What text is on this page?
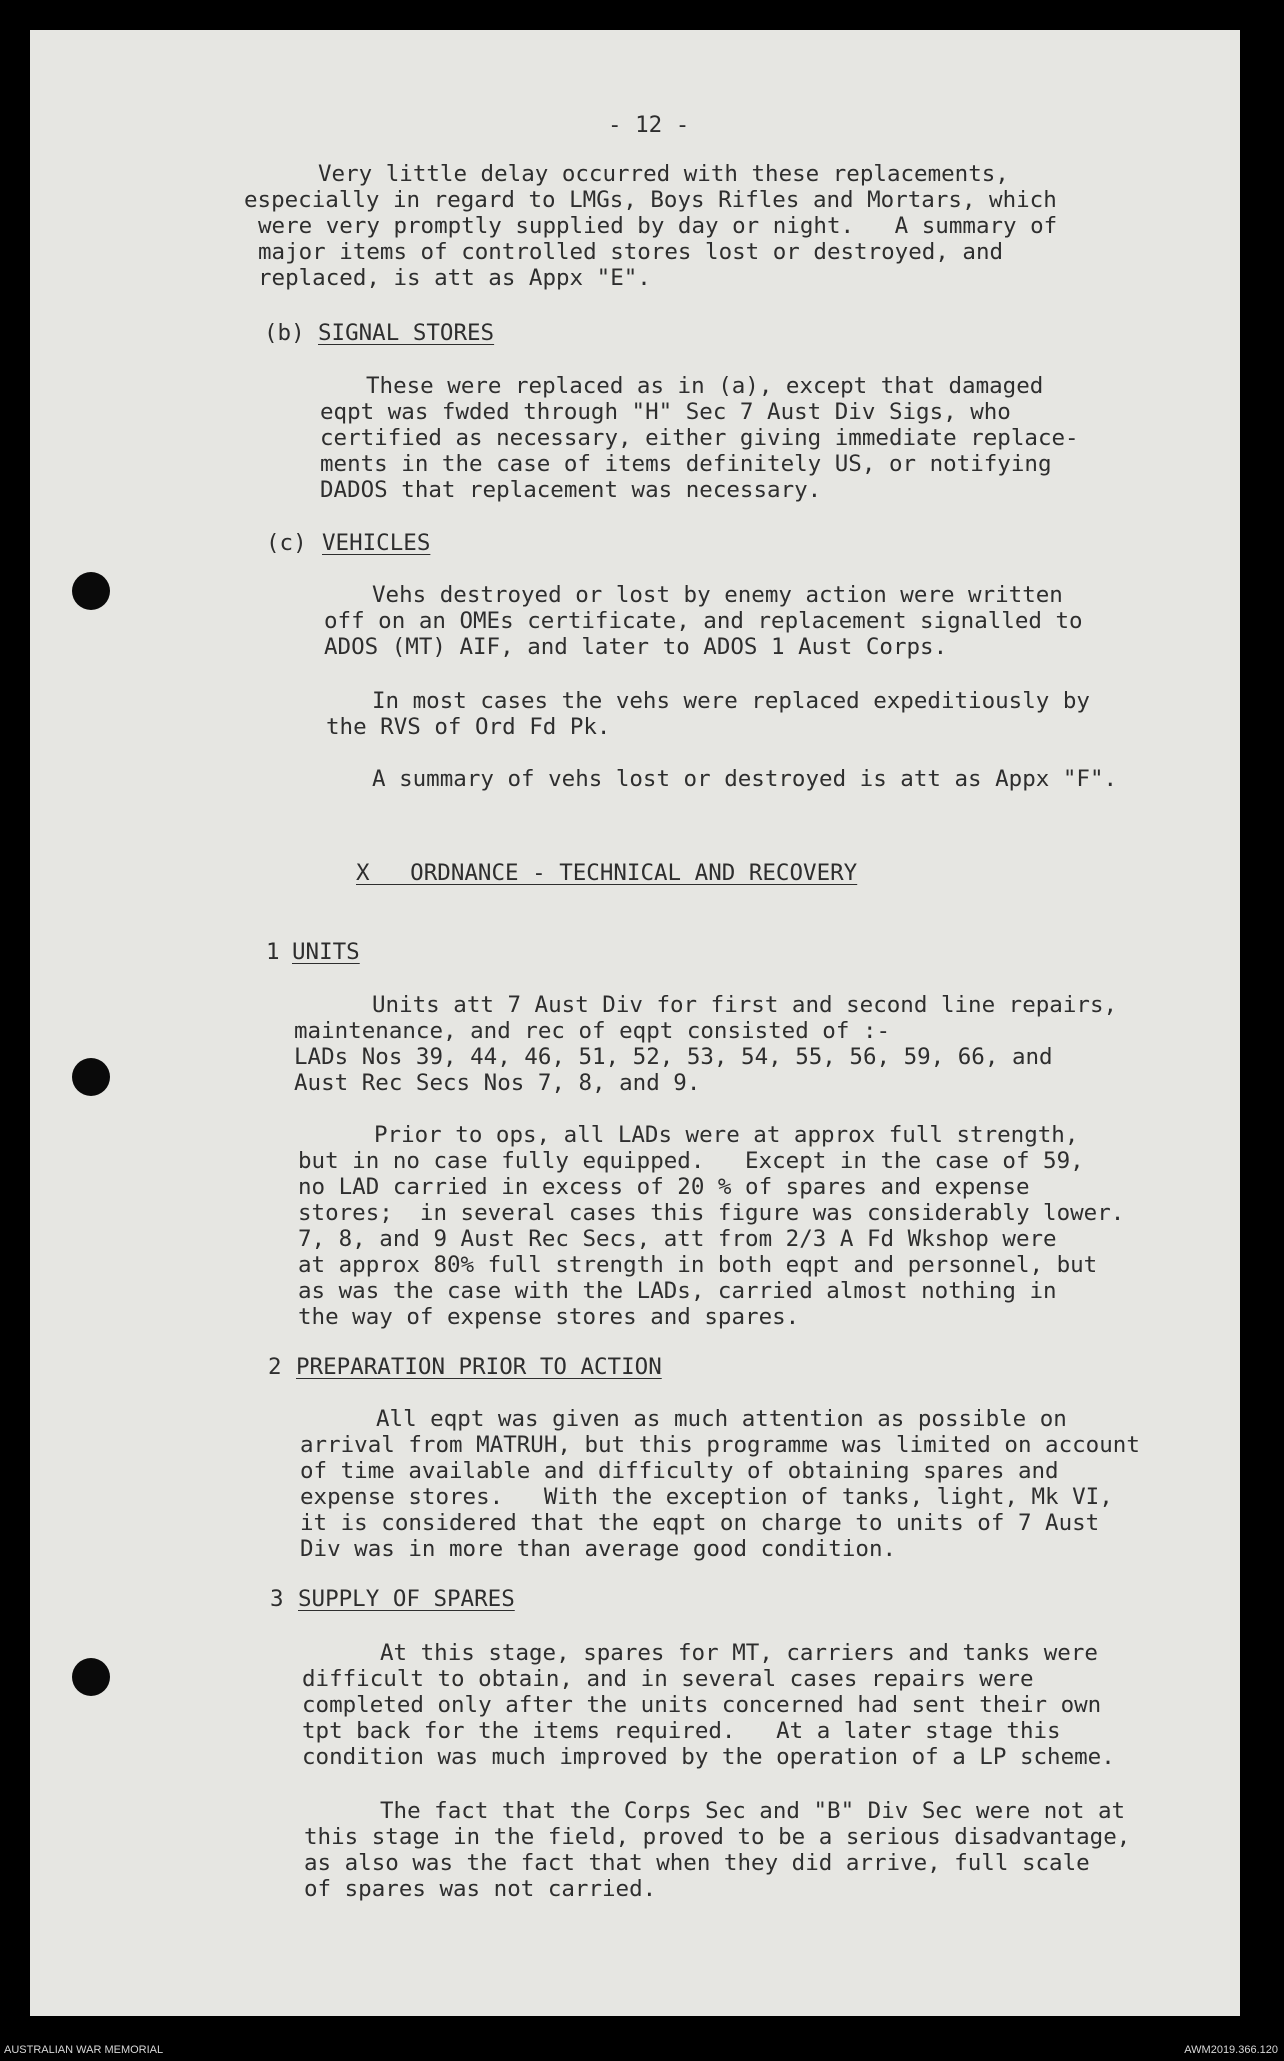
- 12 -
Very little delay occurred with these replacements,
especially in regard to LMGs, Boys Rifles and Mortars, which
were very promptly supplied by day or night.   A summary of
major items of controlled stores lost or destroyed, and
replaced, is att as Appx "E".
(b) SIGNAL STORES
These were replaced as in (a), except that damaged
eqpt was fwded through "H" Sec 7 Aust Div Sigs, who
certified as necessary, either giving immediate replace-
ments in the case of items definitely US, or notifying
DADOS that replacement was necessary.
(c) VEHICLES
Vehs destroyed or lost by enemy action were written
off on an OMEs certificate, and replacement signalled to
ADOS (MT) AIF, and later to ADOS 1 Aust Corps.
In most cases the vehs were replaced expeditiously by
the RVS of Ord Fd Pk.
A summary of vehs lost or destroyed is att as Appx "F".
X   ORDNANCE - TECHNICAL AND RECOVERY
1 UNITS
Units att 7 Aust Div for first and second line repairs,
maintenance, and rec of eqpt consisted of :-
LADs Nos 39, 44, 46, 51, 52, 53, 54, 55, 56, 59, 66, and
Aust Rec Secs Nos 7, 8, and 9.
Prior to ops, all LADs were at approx full strength,
but in no case fully equipped.   Except in the case of 59,
no LAD carried in excess of 20 % of spares and expense
stores;  in several cases this figure was considerably lower.
7, 8, and 9 Aust Rec Secs, att from 2/3 A Fd Wkshop were
at approx 80% full strength in both eqpt and personnel, but
as was the case with the LADs, carried almost nothing in
the way of expense stores and spares.
2 PREPARATION PRIOR TO ACTION
All eqpt was given as much attention as possible on
arrival from MATRUH, but this programme was limited on account
of time available and difficulty of obtaining spares and
expense stores.   With the exception of tanks, light, Mk VI,
it is considered that the eqpt on charge to units of 7 Aust
Div was in more than average good condition.
3 SUPPLY OF SPARES
At this stage, spares for MT, carriers and tanks were
difficult to obtain, and in several cases repairs were
completed only after the units concerned had sent their own
tpt back for the items required.   At a later stage this
condition was much improved by the operation of a LP scheme.
The fact that the Corps Sec and "B" Div Sec were not at
this stage in the field, proved to be a serious disadvantage,
as also was the fact that when they did arrive, full scale
of spares was not carried.
AUSTRALIAN WAR MEMORIAL	AWM2019.366.120
